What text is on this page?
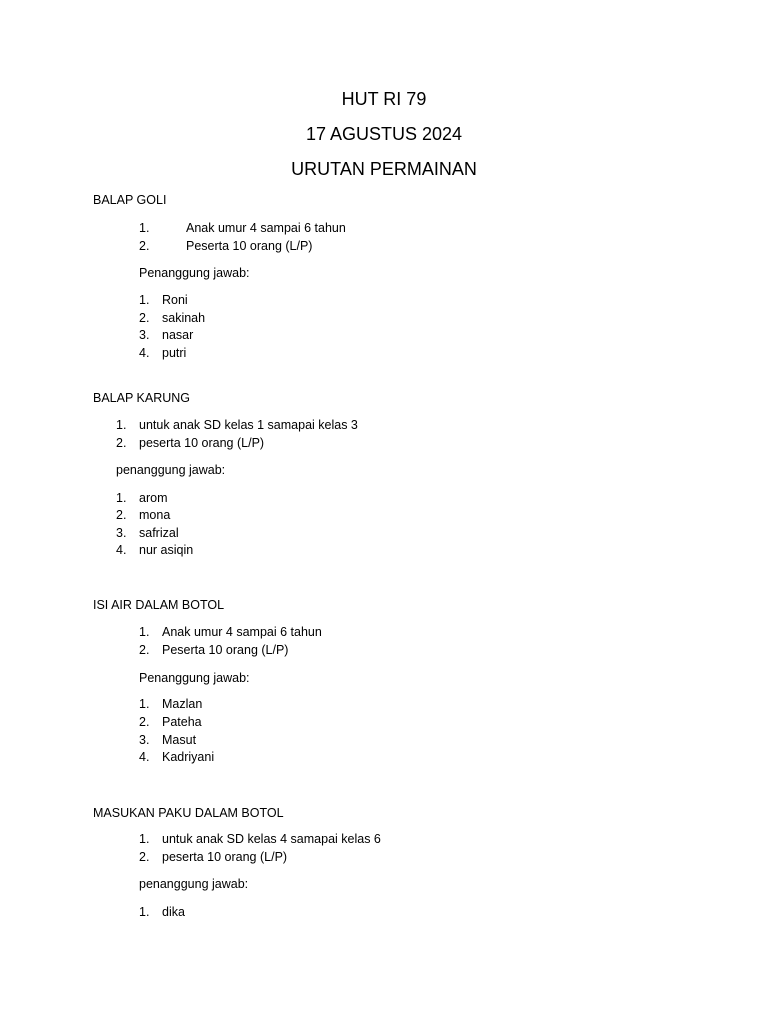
HUT RI 79
17 AGUSTUS 2024
URUTAN PERMAINAN
BALAP GOLI
1.	Anak umur 4 sampai 6 tahun
2.	Peserta 10 orang (L/P)
Penanggung jawab:
1. Roni
2. sakinah
3. nasar
4. putri
BALAP KARUNG
1. untuk anak SD kelas 1 samapai kelas 3
2. peserta 10 orang (L/P)
penanggung jawab:
1. arom
2. mona
3. safrizal
4. nur asiqin
ISI AIR DALAM BOTOL
1. Anak umur 4 sampai 6 tahun
2. Peserta 10 orang (L/P)
Penanggung jawab:
1. Mazlan
2. Pateha
3. Masut
4. Kadriyani
MASUKAN PAKU DALAM BOTOL
1. untuk anak SD kelas 4 samapai kelas 6
2. peserta 10 orang (L/P)
penanggung jawab:
1. dika
